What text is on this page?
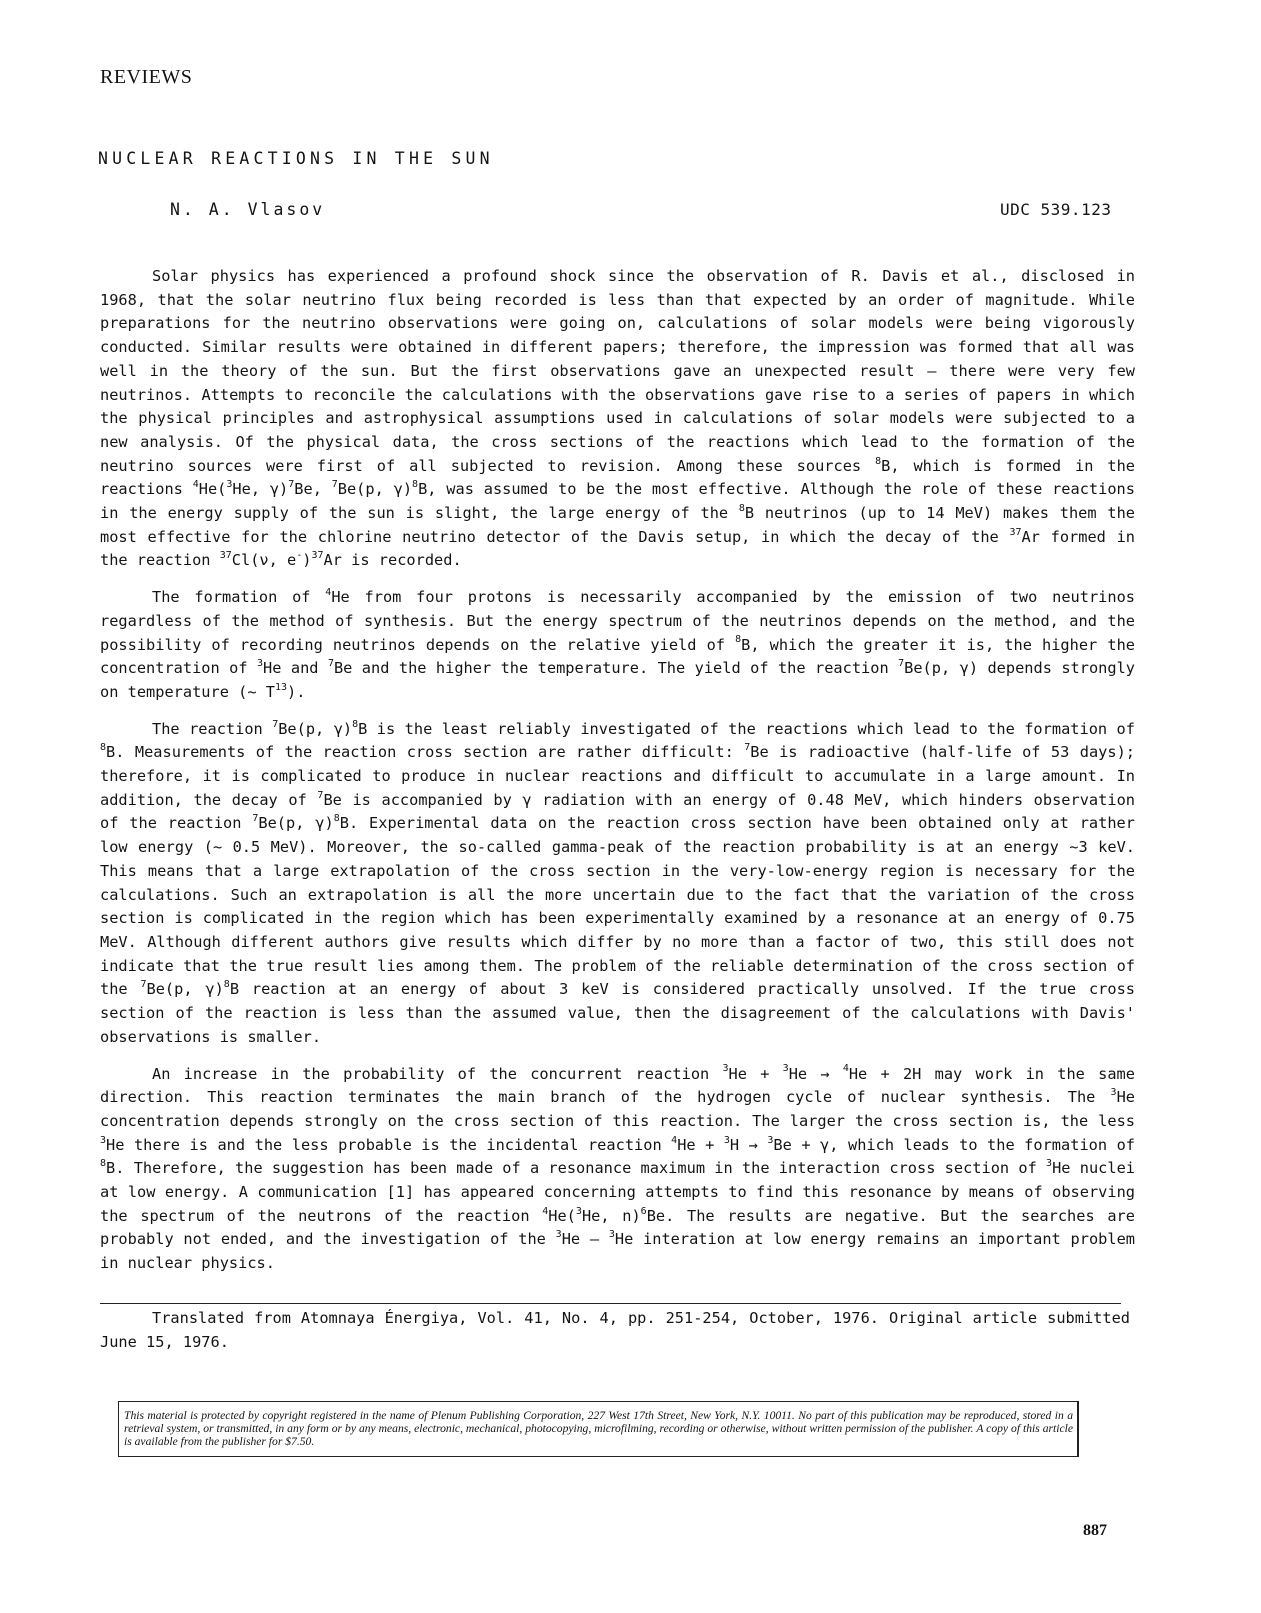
REVIEWS
NUCLEAR REACTIONS IN THE SUN
N. A. Vlasov	UDC 539.123

Solar physics has experienced a profound shock since the observation of R. Davis et al., disclosed in 1968, that the solar neutrino flux being recorded is less than that expected by an order of magnitude. While preparations for the neutrino observations were going on, calculations of solar models were being vigorously conducted. Similar results were obtained in different papers; therefore, the impression was formed that all was well in the theory of the sun. But the first observations gave an unexpected result — there were very few neutrinos. Attempts to reconcile the calculations with the observations gave rise to a series of papers in which the physical principles and astrophysical assumptions used in calculations of solar models were subjected to a new analysis. Of the physical data, the cross sections of the reactions which lead to the formation of the neutrino sources were first of all subjected to revision. Among these sources $^8$B, which is formed in the reactions $^4$He($^3$He, γ)$^7$Be, $^7$Be(p, γ)$^8$B, was assumed to be the most effective. Although the role of these reactions in the energy supply of the sun is slight, the large energy of the $^8$B neutrinos (up to 14 MeV) makes them the most effective for the chlorine neutrino detector of the Davis setup, in which the decay of the $^{37}$Ar formed in the reaction $^{37}$Cl(ν, e-)$^{37}$Ar is recorded.

The formation of $^4$He from four protons is necessarily accompanied by the emission of two neutrinos regardless of the method of synthesis. But the energy spectrum of the neutrinos depends on the method, and the possibility of recording neutrinos depends on the relative yield of $^8$B, which the greater it is, the higher the concentration of $^3$He and $^7$Be and the higher the temperature. The yield of the reaction $^7$Be(p, γ) depends strongly on temperature (~ $T^{13}$).

The reaction $^7$Be(p, γ)$^8$B is the least reliably investigated of the reactions which lead to the formation of $^8$B. Measurements of the reaction cross section are rather difficult: $^7$Be is radioactive (half-life of 53 days); therefore, it is complicated to produce in nuclear reactions and difficult to accumulate in a large amount. In addition, the decay of $^7$Be is accompanied by γ radiation with an energy of 0.48 MeV, which hinders observation of the reaction $^7$Be(p, γ)$^8$B. Experimental data on the reaction cross section have been obtained only at rather low energy (~ 0.5 MeV). Moreover, the so-called gamma-peak of the reaction probability is at an energy ~3 keV. This means that a large extrapolation of the cross section in the very-low-energy region is necessary for the calculations. Such an extrapolation is all the more uncertain due to the fact that the variation of the cross section is complicated in the region which has been experimentally examined by a resonance at an energy of 0.75 MeV. Although different authors give results which differ by no more than a factor of two, this still does not indicate that the true result lies among them. The problem of the reliable determination of the cross section of the $^7$Be(p, γ)$^8$B reaction at an energy of about 3 keV is considered practically unsolved. If the true cross section of the reaction is less than the assumed value, then the disagreement of the calculations with Davis' observations is smaller.

An increase in the probability of the concurrent reaction $^3$He + $^3$He → $^4$He + 2H may work in the same direction. This reaction terminates the main branch of the hydrogen cycle of nuclear synthesis. The $^3$He concentration depends strongly on the cross section of this reaction. The larger the cross section is, the less $^3$He there is and the less probable is the incidental reaction $^4$He + $^3$H → $^3$Be + γ, which leads to the formation of $^8$B. Therefore, the suggestion has been made of a resonance maximum in the interaction cross section of $^3$He nuclei at low energy. A communication [1] has appeared concerning attempts to find this resonance by means of observing the spectrum of the neutrons of the reaction $^4$He($^3$He, n)$^6$Be. The results are negative. But the searches are probably not ended, and the investigation of the $^3$He — $^3$He interation at low energy remains an important problem in nuclear physics.

Translated from Atomnaya Énergiya, Vol. 41, No. 4, pp. 251-254, October, 1976. Original article submitted June 15, 1976.

This material is protected by copyright registered in the name of Plenum Publishing Corporation, 227 West 17th Street, New York, N.Y. 10011. No part of this publication may be reproduced, stored in a retrieval system, or transmitted, in any form or by any means, electronic, mechanical, photocopying, microfilming, recording or otherwise, without written permission of the publisher. A copy of this article is available from the publisher for $7.50.
887
